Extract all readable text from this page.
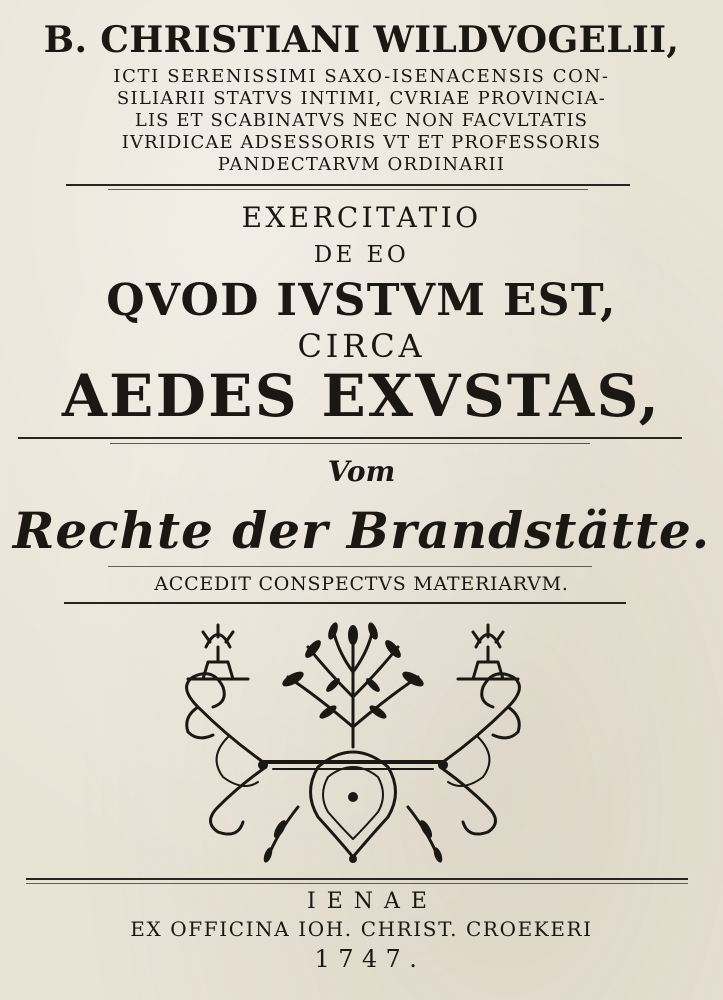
B. CHRISTIANI WILDVOGELII,
ICTI SERENISSIMI SAXO-ISENACENSIS CON-
SILIARII STATVS INTIMI, CVRIAE PROVINCIA-
LIS ET SCABINATVS NEC NON FACVLTATIS
IVRIDICAE ADSESSORIS VT ET PROFESSORIS
PANDECTARVM ORDINARII
EXERCITATIO
DE EO
QVOD IVSTVM EST,
CIRCA
AEDES EXVSTAS,
Vom
Rechte der Brandstätte.
ACCEDIT CONSPECTVS MATERIARVM.
IENAE
EX OFFICINA IOH. CHRIST. CROEKERI
1747.
